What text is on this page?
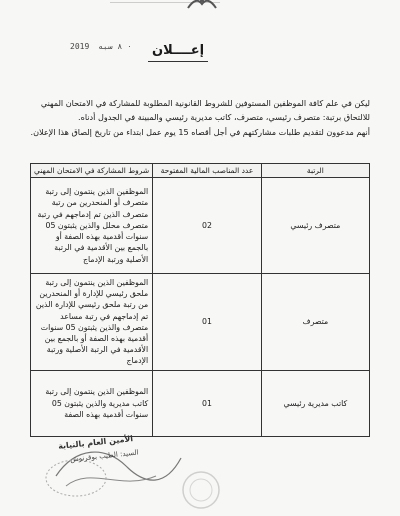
2019 ٠ ٨ سبه إعــــلان

ليكن في علم كافة الموظفين المستوفين للشروط القانونية المطلوبة للمشاركة في الامتحان المهني للالتحاق برتبة: متصرف رئيسي، متصرف، كاتب مديرية رئيسي والمبينة في الجدول أدناه.

أنهم مدعوون لتقديم طلبات مشاركتهم في أجل أقصاه 15 يوم عمل ابتداء من تاريخ إلصاق هذا الإعلان.

الرتبة	عدد المناصب المالية المفتوحة	شروط المشاركة في الامتحان المهني
متصرف رئيسي	02	الموظفين الذين ينتمون إلى رتبة متصرف أو المنحدرين من رتبة متصرف الذين تم إدماجهم في رتبة متصرف محلل والذين يثبتون 05 سنوات أقدمية بهذه الصفة أو بالجمع بين الأقدمية في الرتبة الأصلية ورتبة الإدماج
متصرف	01	الموظفين الذين ينتمون إلى رتبة ملحق رئيسي للإدارة أو المنحدرين من رتبة ملحق رئيسي للإدارة الذين تم إدماجهم في رتبة مساعد متصرف والذين يثبتون 05 سنوات أقدمية بهذه الصفة أو بالجمع بين الأقدمية في الرتبة الأصلية ورتبة الإدماج
كاتب مديرية رئيسي	01	الموظفين الذين ينتمون إلى رتبة كاتب مديرية والذين يثبتون 05 سنوات أقدمية بهذه الصفة
الأمين العام بالنيابة
السيد: الطيب بوقرنوش
